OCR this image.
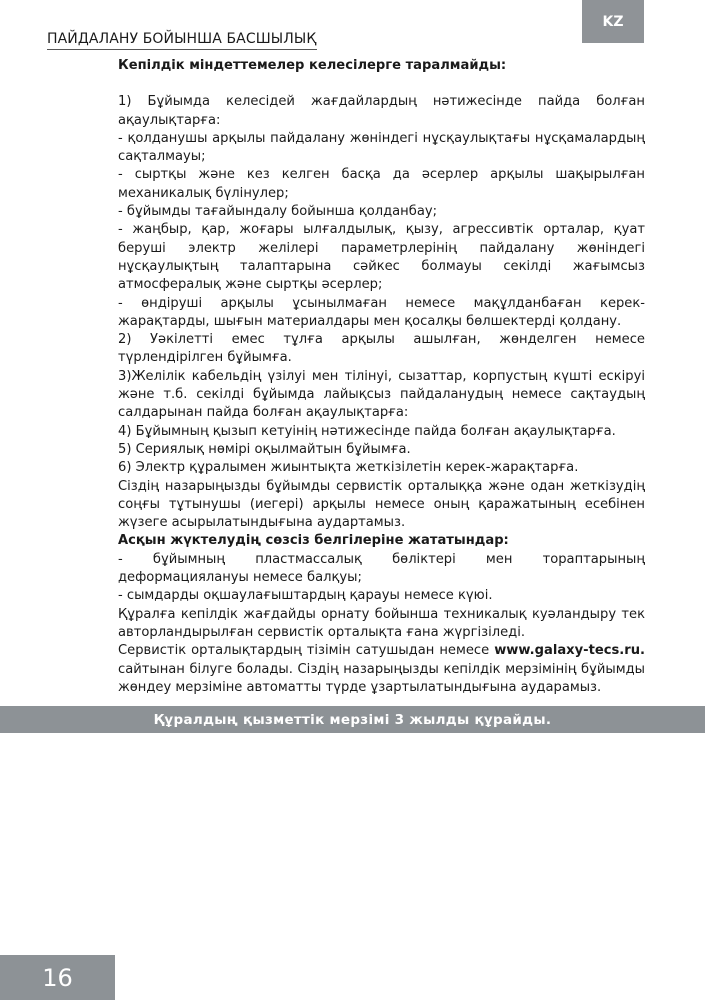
KZ
ПАЙДАЛАНУ БОЙЫНША БАСШЫЛЫҚ

Кепілдік міндеттемелер келесілерге таралмайды:

1) Бұйымда келесідей жағдайлардың нәтижесінде пайда болған ақаулықтарға:

- қолданушы арқылы пайдалану жөніндегі нұсқаулықтағы нұсқамалардың сақталмауы;

- сыртқы және кез келген басқа да әсерлер арқылы шақырылған механикалық бүлінулер;

- бұйымды тағайындалу бойынша қолданбау;

- жаңбыр, қар, жоғары ылғалдылық, қызу, агрессивтік орталар, қуат беруші электр желілері параметрлерінің пайдалану жөніндегі нұсқаулықтың талаптарына сәйкес болмауы секілді жағымсыз атмосфералық және сыртқы әсерлер;

- өндіруші арқылы ұсынылмаған немесе мақұлданбаған керек-жарақтарды, шығын материалдары мен қосалқы бөлшектерді қолдану.

2) Уәкілетті емес тұлға арқылы ашылған, жөнделген немесе түрлендірілген бұйымға.

3)Желілік кабельдің үзілуі мен тілінуі, сызаттар, корпустың күшті ескіруі және т.б. секілді бұйымда лайықсыз пайдаланудың немесе сақтаудың салдарынан пайда болған ақаулықтарға:

4) Бұйымның қызып кетуінің нәтижесінде пайда болған ақаулықтарға.

5) Сериялық нөмірі оқылмайтын бұйымға.

6) Электр құралымен жиынтықта жеткізілетін керек-жарақтарға.

Сіздің назарыңызды бұйымды сервистік орталыққа және одан жеткізудің соңғы тұтынушы (иегері) арқылы немесе оның қаражатының есебінен жүзеге асырылатындығына аудартамыз.

Асқын жүктелудің сөзсіз белгілеріне жататындар:

- бұйымның пластмассалық бөліктері мен тораптарының деформациялануы немесе балқуы;

- сымдарды оқшаулағыштардың қарауы немесе күюі.

Құралға кепілдік жағдайды орнату бойынша техникалық куәландыру тек авторландырылған сервистік орталықта ғана жүргізіледі.

Сервистік орталықтардың тізімін сатушыдан немесе www.galaxy-tecs.ru. сайтынан білуге болады. Сіздің назарыңызды кепілдік мерзімінің бұйымды жөндеу мерзіміне автоматты түрде ұзартылатындығына аударамыз.

Құралдың қызметтік мерзімі 3 жылды құрайды.
16
